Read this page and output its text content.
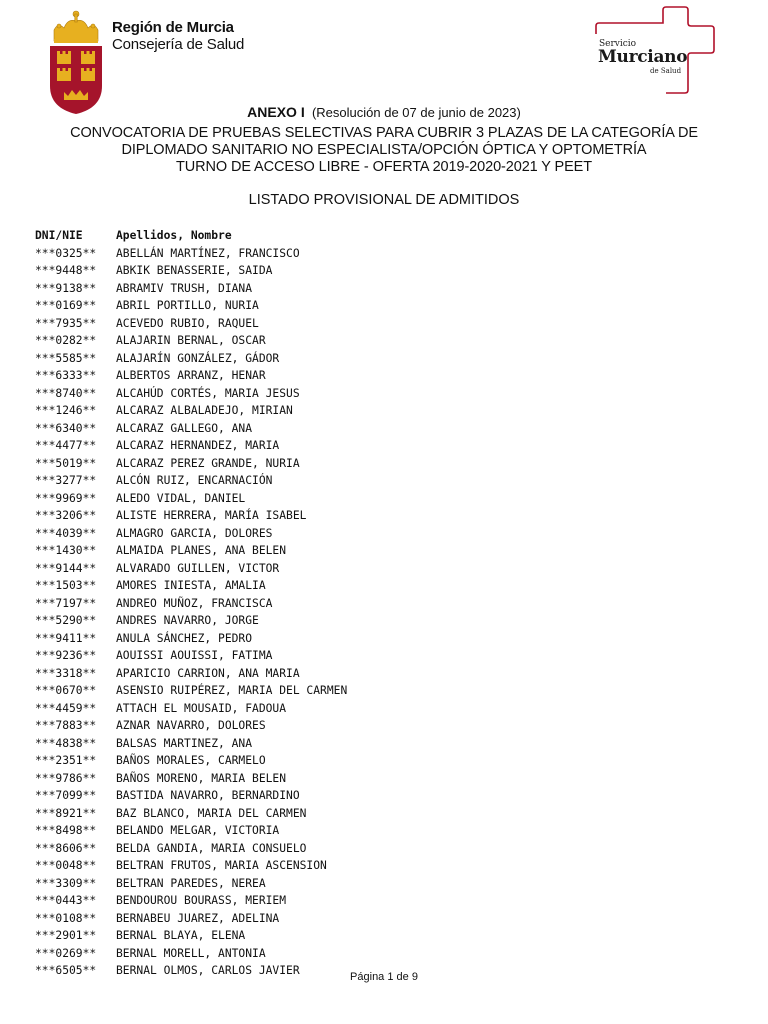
Región de Murcia
Consejería de Salud	Servicio
Murciano
de Salud
ANEXO I (Resolución de 07 de junio de 2023)
CONVOCATORIA DE PRUEBAS SELECTIVAS PARA CUBRIR 3 PLAZAS DE LA CATEGORÍA DE
DIPLOMADO SANITARIO NO ESPECIALISTA/OPCIÓN ÓPTICA Y OPTOMETRÍA
TURNO DE ACCESO LIBRE - OFERTA 2019-2020-2021 Y PEET
LISTADO PROVISIONAL DE ADMITIDOS
DNI/NIE	Apellidos, Nombre
***0325** ABELLÁN MARTÍNEZ, FRANCISCO
***9448** ABKIK BENASSERIE, SAIDA
***9138** ABRAMIV TRUSH, DIANA
***0169** ABRIL PORTILLO, NURIA
***7935** ACEVEDO RUBIO, RAQUEL
***0282** ALAJARIN BERNAL, OSCAR
***5585** ALAJARÍN GONZÁLEZ, GÁDOR
***6333** ALBERTOS ARRANZ, HENAR
***8740** ALCAHÚD CORTÉS, MARIA JESUS
***1246** ALCARAZ ALBALADEJO, MIRIAN
***6340** ALCARAZ GALLEGO, ANA
***4477** ALCARAZ HERNANDEZ, MARIA
***5019** ALCARAZ PEREZ GRANDE, NURIA
***3277** ALCÓN RUIZ, ENCARNACIÓN
***9969** ALEDO VIDAL, DANIEL
***3206** ALISTE HERRERA, MARÍA ISABEL
***4039** ALMAGRO GARCIA, DOLORES
***1430** ALMAIDA PLANES, ANA BELEN
***9144** ALVARADO GUILLEN, VICTOR
***1503** AMORES INIESTA, AMALIA
***7197** ANDREO MUÑOZ, FRANCISCA
***5290** ANDRES NAVARRO, JORGE
***9411** ANULA SÁNCHEZ, PEDRO
***9236** AOUISSI AOUISSI, FATIMA
***3318** APARICIO CARRION, ANA MARIA
***0670** ASENSIO RUIPÉREZ, MARIA DEL CARMEN
***4459** ATTACH EL MOUSAID, FADOUA
***7883** AZNAR NAVARRO, DOLORES
***4838** BALSAS MARTINEZ, ANA
***2351** BAÑOS MORALES, CARMELO
***9786** BAÑOS MORENO, MARIA BELEN
***7099** BASTIDA NAVARRO, BERNARDINO
***8921** BAZ BLANCO, MARIA DEL CARMEN
***8498** BELANDO MELGAR, VICTORIA
***8606** BELDA GANDIA, MARIA CONSUELO
***0048** BELTRAN FRUTOS, MARIA ASCENSION
***3309** BELTRAN PAREDES, NEREA
***0443** BENDOUROU BOURASS, MERIEM
***0108** BERNABEU JUAREZ, ADELINA
***2901** BERNAL BLAYA, ELENA
***0269** BERNAL MORELL, ANTONIA
***6505** BERNAL OLMOS, CARLOS JAVIER	Página 1 de 9
